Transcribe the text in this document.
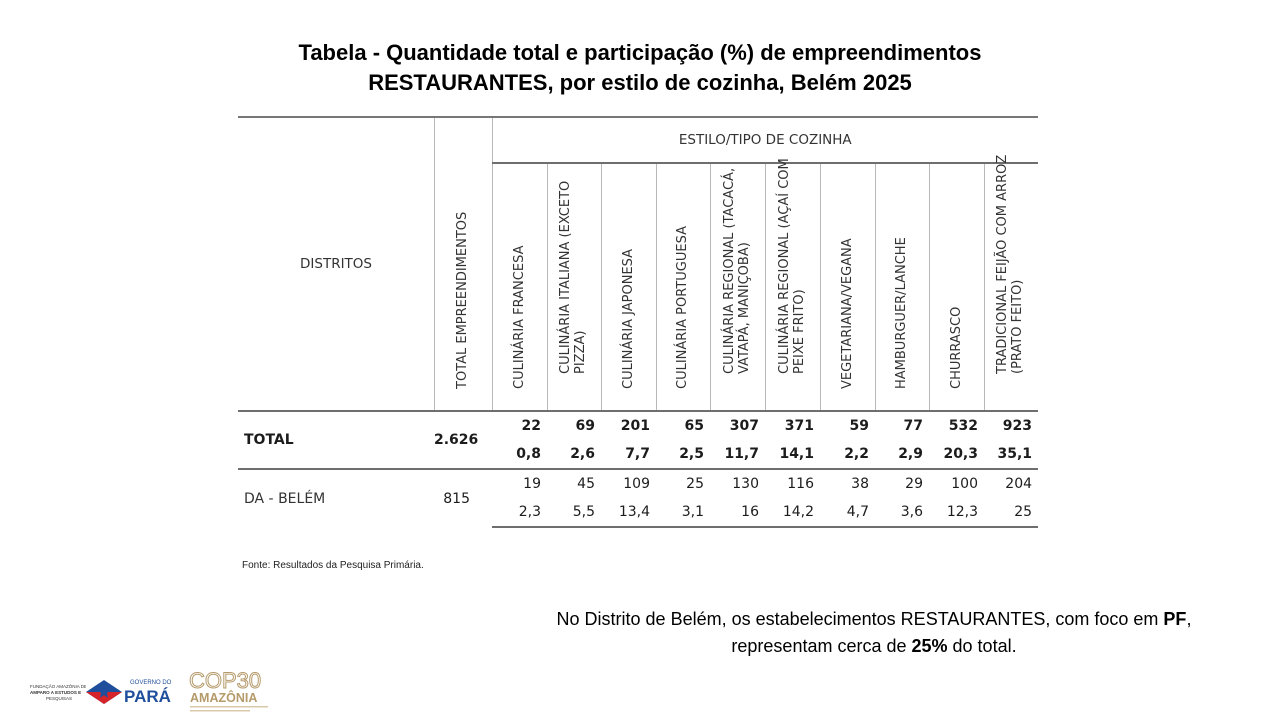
Tabela - Quantidade total e participação (%) de empreendimentos
RESTAURANTES, por estilo de cozinha, Belém 2025
DISTRITOS	TOTAL EMPREENDIMENTOS	ESTILO/TIPO DE COZINHA									

		CULINÁRIA FRANCESA	CULINÁRIA ITALIANA (EXCETO PIZZA)	CULINÁRIA JAPONESA	CULINÁRIA PORTUGUESA	CULINÁRIA REGIONAL (TACACÁ, VATAPÁ, MANIÇOBA)	CULINÁRIA REGIONAL (AÇAÍ COM PEIXE FRITO)	VEGETARIANA/VEGANA	HAMBURGUER/LANCHE	CHURRASCO	TRADICIONAL FEIJÃO COM ARROZ (PRATO FEITO)

TOTAL	2.626	22	69	201	65	307	371	59	77	532	923
		0,8	2,6	7,7	2,5	11,7	14,1	2,2	2,9	20,3	35,1
DA - BELÉM	815	19	45	109	25	130	116	38	29	100	204
		2,3	5,5	13,4	3,1	16	14,2	4,7	3,6	12,3	25
Fonte: Resultados da Pesquisa Primária.
No Distrito de Belém, os estabelecimentos RESTAURANTES, com foco em PF,
representam cerca de 25% do total.
FUNDAÇÃO AMAZÔNIA DE
AMPARO A ESTUDOS E
PESQUISAS
GOVERNO DO
PARÁ
COP30
AMAZÔNIA
